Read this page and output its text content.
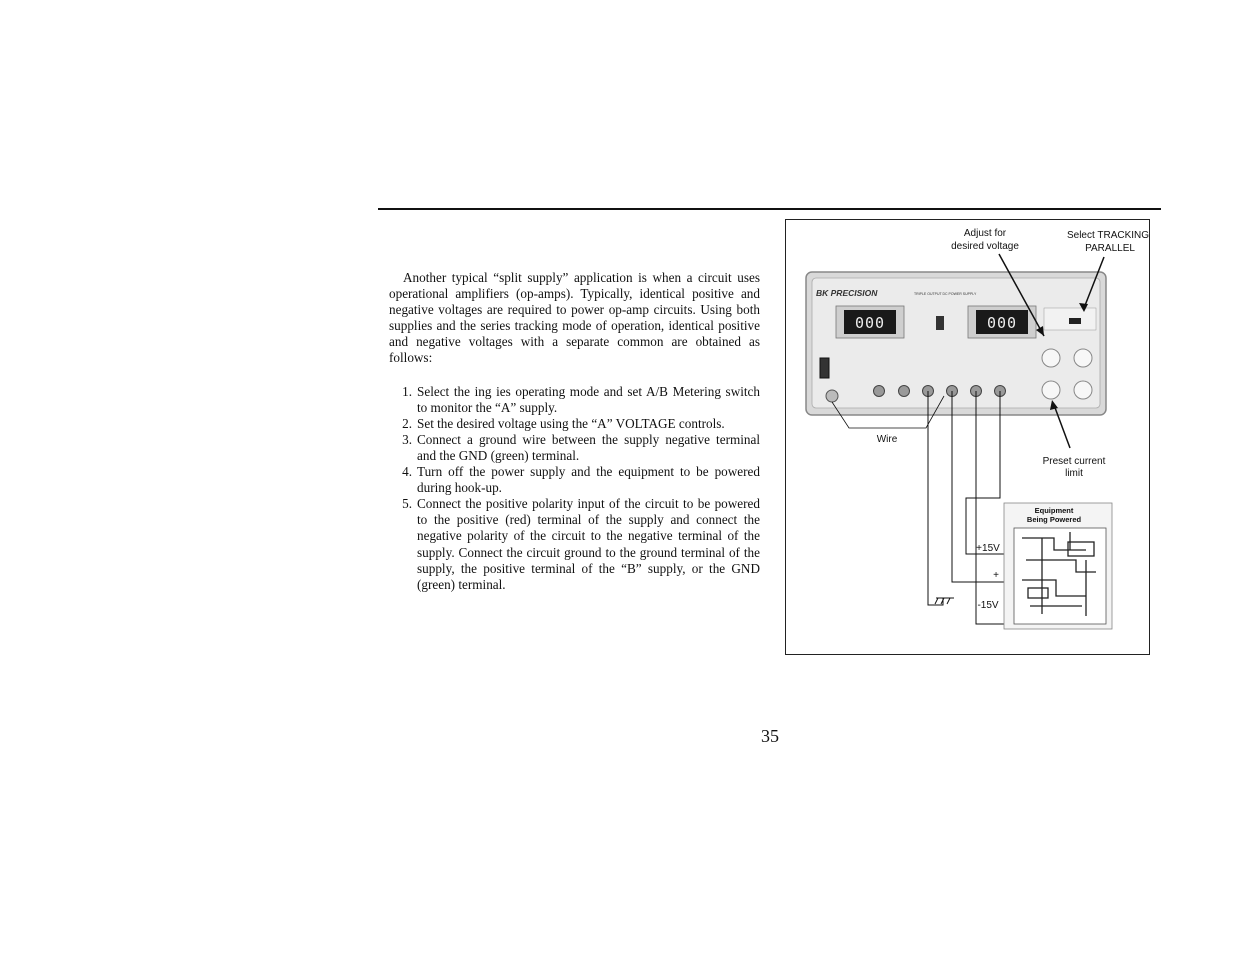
Another typical “split supply” application is when a circuit uses operational amplifiers (op-amps). Typically, identical positive and negative voltages are required to power op-amp circuits. Using both supplies and the series tracking mode of operation, identical positive and negative voltages with a separate common are obtained as follows:

1. Select the ing ies operating mode and set A/B Metering switch to monitor the “A” supply.
2. Set the desired voltage using the “A” VOLTAGE controls.
3. Connect a ground wire between the supply negative terminal and the GND (green) terminal.
4. Turn off the power supply and the equipment to be powered during hook-up.
5. Connect the positive polarity input of the circuit to be powered to the positive (red) terminal of the supply and connect the negative polarity of the circuit to the negative terminal of the supply. Connect the circuit ground to the ground terminal of the supply, the positive terminal of the “B” supply, or the GND (green) terminal.
BK PRECISION	TRIPLE OUTPUT DC POWER SUPPLY
000	000
Adjust for
desired voltage
Select TRACKING
PARALLEL
Wire
Preset current
limit
Equipment
Being Powered
+15V
+
-15V
35
